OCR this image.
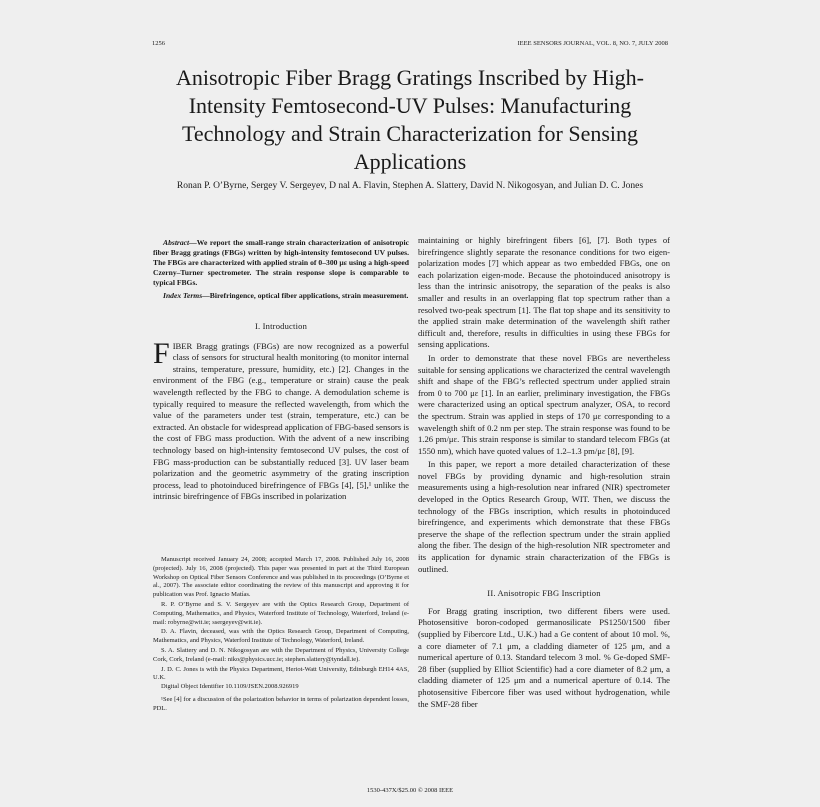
1256	IEEE SENSORS JOURNAL, VOL. 8, NO. 7, JULY 2008
Anisotropic Fiber Bragg Gratings Inscribed by High-Intensity Femtosecond-UV Pulses: Manufacturing Technology and Strain Characterization for Sensing Applications
Ronan P. O’Byrne, Sergey V. Sergeyev, D nal A. Flavin, Stephen A. Slattery, David N. Nikogosyan, and Julian D. C. Jones

Abstract—We report the small-range strain characterization of anisotropic fiber Bragg gratings (FBGs) written by high-intensity femtosecond UV pulses. The FBGs are characterized with applied strain of 0–300 με using a high-speed Czerny–Turner spectrometer. The strain response slope is comparable to typical FBGs.

Index Terms—Birefringence, optical fiber applications, strain measurement.

I. Introduction

FIBER Bragg gratings (FBGs) are now recognized as a powerful class of sensors for structural health monitoring (to monitor internal strains, temperature, pressure, humidity, etc.) [2]. Changes in the environment of the FBG (e.g., temperature or strain) cause the peak wavelength reflected by the FBG to change. A demodulation scheme is typically required to measure the reflected wavelength, from which the value of the parameters under test (strain, temperature, etc.) can be extracted. An obstacle for widespread application of FBG-based sensors is the cost of FBG mass production. With the advent of a new inscribing technology based on high-intensity femtosecond UV pulses, the cost of FBG mass-production can be substantially reduced [3]. UV laser beam polarization and the geometric asymmetry of the grating inscription process, lead to photoinduced birefringence of FBGs [4], [5],¹ unlike the intrinsic birefringence of FBGs inscribed in polarization

Manuscript received January 24, 2008; accepted March 17, 2008. Published July 16, 2008 (projected). July 16, 2008 (projected). This paper was presented in part at the Third European Workshop on Optical Fiber Sensors Conference and was published in its proceedings (O’Byrne et al., 2007). The associate editor coordinating the review of this manuscript and approving it for publication was Prof. Ignacio Matías.

R. P. O’Byrne and S. V. Sergeyev are with the Optics Research Group, Department of Computing, Mathematics, and Physics, Waterford Institute of Technology, Waterford, Ireland (e-mail: robyrne@wit.ie; ssergeyev@wit.ie).

D. A. Flavin, deceased, was with the Optics Research Group, Department of Computing, Mathematics, and Physics, Waterford Institute of Technology, Waterford, Ireland.

S. A. Slattery and D. N. Nikogosyan are with the Department of Physics, University College Cork, Cork, Ireland (e-mail: niko@physics.ucc.ie; stephen.slattery@tyndall.ie).

J. D. C. Jones is with the Physics Department, Heriot-Watt University, Edinburgh EH14 4AS, U.K.

Digital Object Identifier 10.1109/JSEN.2008.926919

¹See [4] for a discussion of the polarization behavior in terms of polarization dependent losses, PDL.

maintaining or highly birefringent fibers [6], [7]. Both types of birefringence slightly separate the resonance conditions for two eigen-polarization modes [7] which appear as two embedded FBGs, one on each polarization eigen-mode. Because the photoinduced anisotropy is less than the intrinsic anisotropy, the separation of the peaks is also smaller and results in an overlapping flat top spectrum rather than a resolved two-peak spectrum [1]. The flat top shape and its sensitivity to the applied strain make determination of the wavelength shift rather difficult and, therefore, results in difficulties in using these FBGs for sensing applications.

In order to demonstrate that these novel FBGs are nevertheless suitable for sensing applications we characterized the central wavelength shift and shape of the FBG’s reflected spectrum under applied strain from 0 to 700 με [1]. In an earlier, preliminary investigation, the FBGs were characterized using an optical spectrum analyzer, OSA, to record the spectrum. Strain was applied in steps of 170 με corresponding to a wavelength shift of 0.2 nm per step. The strain response was found to be 1.26 pm/με. This strain response is similar to standard telecom FBGs (at 1550 nm), which have quoted values of 1.2–1.3 pm/με [8], [9].

In this paper, we report a more detailed characterization of these novel FBGs by providing dynamic and high-resolution strain measurements using a high-resolution near infrared (NIR) spectrometer developed in the Optics Research Group, WIT. Then, we discuss the technology of the FBGs inscription, which results in photoinduced birefringence, and experiments which demonstrate that these FBGs preserve the shape of the reflection spectrum under the strain applied along the fiber. The design of the high-resolution NIR spectrometer and its application for dynamic strain characterization of the FBGs is outlined.

II. Anisotropic FBG Inscription

For Bragg grating inscription, two different fibers were used. Photosensitive boron-codoped germanosilicate PS1250/1500 fiber (supplied by Fibercore Ltd., U.K.) had a Ge content of about 10 mol. %, a core diameter of 7.1 μm, a cladding diameter of 125 μm, and a numerical aperture of 0.13. Standard telecom 3 mol. % Ge-doped SMF-28 fiber (supplied by Elliot Scientific) had a core diameter of 8.2 μm, a cladding diameter of 125 μm and a numerical aperture of 0.14. The photosensitive Fibercore fiber was used without hydrogenation, while the SMF-28 fiber

1530-437X/$25.00 © 2008 IEEE
